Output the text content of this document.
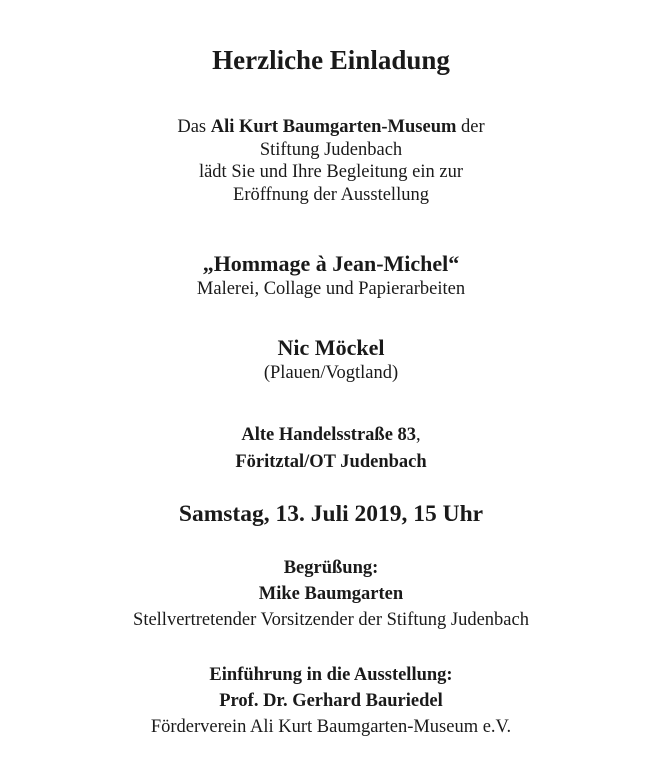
Herzliche Einladung
Das Ali Kurt Baumgarten-Museum der
Stiftung Judenbach
lädt Sie und Ihre Begleitung ein zur
Eröffnung der Ausstellung
„Hommage à Jean-Michel“
Malerei, Collage und Papierarbeiten
Nic Möckel
(Plauen/Vogtland)
Alte Handelsstraße 83,
Föritztal/OT Judenbach
Samstag, 13. Juli 2019, 15 Uhr
Begrüßung:
Mike Baumgarten
Stellvertretender Vorsitzender der Stiftung Judenbach
Einführung in die Ausstellung:
Prof. Dr. Gerhard Bauriedel
Förderverein Ali Kurt Baumgarten-Museum e.V.
